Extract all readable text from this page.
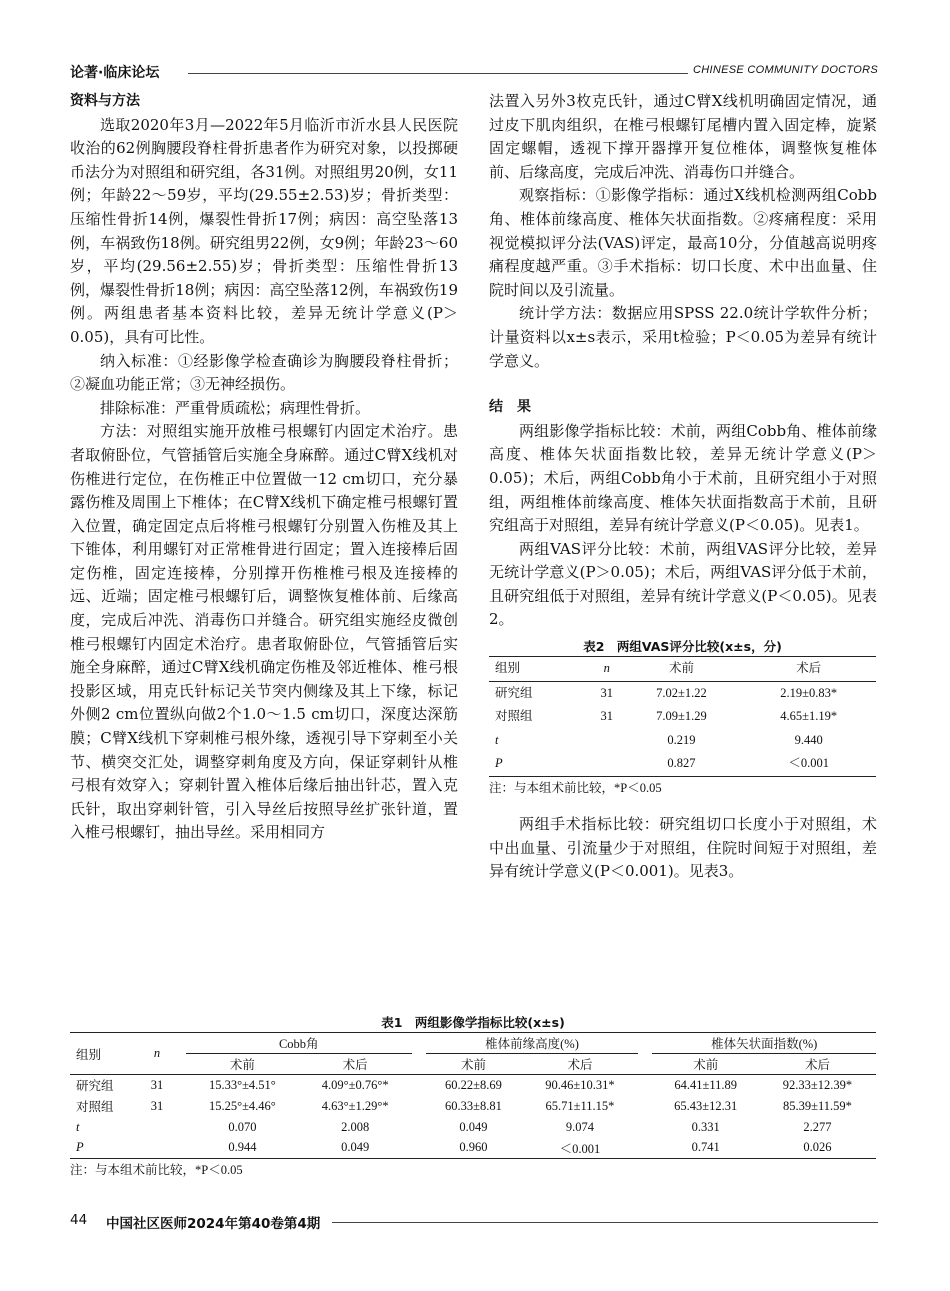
论著·临床论坛	CHINESE COMMUNITY DOCTORS
资料与方法

选取2020年3月—2022年5月临沂市沂水县人民医院收治的62例胸腰段脊柱骨折患者作为研究对象，以投掷硬币法分为对照组和研究组，各31例。对照组男20例，女11例；年龄22～59岁，平均(29.55±2.53)岁；骨折类型：压缩性骨折14例，爆裂性骨折17例；病因：高空坠落13例，车祸致伤18例。研究组男22例，女9例；年龄23～60岁，平均(29.56±2.55)岁；骨折类型：压缩性骨折13例，爆裂性骨折18例；病因：高空坠落12例，车祸致伤19例。两组患者基本资料比较，差异无统计学意义(P＞0.05)，具有可比性。

纳入标准：①经影像学检查确诊为胸腰段脊柱骨折；②凝血功能正常；③无神经损伤。

排除标准：严重骨质疏松；病理性骨折。

方法：对照组实施开放椎弓根螺钉内固定术治疗。患者取俯卧位，气管插管后实施全身麻醉。通过C臂X线机对伤椎进行定位，在伤椎正中位置做一12 cm切口，充分暴露伤椎及周围上下椎体；在C臂X线机下确定椎弓根螺钉置入位置，确定固定点后将椎弓根螺钉分别置入伤椎及其上下锥体，利用螺钉对正常椎骨进行固定；置入连接棒后固定伤椎，固定连接棒，分别撑开伤椎椎弓根及连接棒的远、近端；固定椎弓根螺钉后，调整恢复椎体前、后缘高度，完成后冲洗、消毒伤口并缝合。研究组实施经皮微创椎弓根螺钉内固定术治疗。患者取俯卧位，气管插管后实施全身麻醉，通过C臂X线机确定伤椎及邻近椎体、椎弓根投影区域，用克氏针标记关节突内侧缘及其上下缘，标记外侧2 cm位置纵向做2个1.0～1.5 cm切口，深度达深筋膜；C臂X线机下穿刺椎弓根外缘，透视引导下穿刺至小关节、横突交汇处，调整穿刺角度及方向，保证穿刺针从椎弓根有效穿入；穿刺针置入椎体后缘后抽出针芯，置入克氏针，取出穿刺针管，引入导丝后按照导丝扩张针道，置入椎弓根螺钉，抽出导丝。采用相同方

法置入另外3枚克氏针，通过C臂X线机明确固定情况，通过皮下肌肉组织，在椎弓根螺钉尾槽内置入固定棒，旋紧固定螺帽，透视下撑开器撑开复位椎体，调整恢复椎体前、后缘高度，完成后冲洗、消毒伤口并缝合。

观察指标：①影像学指标：通过X线机检测两组Cobb角、椎体前缘高度、椎体矢状面指数。②疼痛程度：采用视觉模拟评分法(VAS)评定，最高10分，分值越高说明疼痛程度越严重。③手术指标：切口长度、术中出血量、住院时间以及引流量。

统计学方法：数据应用SPSS 22.0统计学软件分析；计量资料以x±s表示，采用t检验；P＜0.05为差异有统计学意义。

结　果

两组影像学指标比较：术前，两组Cobb角、椎体前缘高度、椎体矢状面指数比较，差异无统计学意义(P＞0.05)；术后，两组Cobb角小于术前，且研究组小于对照组，两组椎体前缘高度、椎体矢状面指数高于术前，且研究组高于对照组，差异有统计学意义(P＜0.05)。见表1。

两组VAS评分比较：术前，两组VAS评分比较，差异无统计学意义(P＞0.05)；术后，两组VAS评分低于术前，且研究组低于对照组，差异有统计学意义(P＜0.05)。见表2。

表2　两组VAS评分比较(x±s，分)
组别	n	术前	术后
研究组	31	7.02±1.22	2.19±0.83*
对照组	31	7.09±1.29	4.65±1.19*
t		0.219	9.440
P		0.827	＜0.001
注：与本组术前比较，*P＜0.05

两组手术指标比较：研究组切口长度小于对照组，术中出血量、引流量少于对照组，住院时间短于对照组，差异有统计学意义(P＜0.001)。见表3。

表1　两组影像学指标比较(x±s)
组别	n		Cobb角			椎体前缘高度(%)			椎体矢状面指数(%)	
			术前	术后		术前	术后		术前	术后
研究组	31		15.33°±4.51°	4.09°±0.76°*		60.22±8.69	90.46±10.31*		64.41±11.89	92.33±12.39*
对照组	31		15.25°±4.46°	4.63°±1.29°*		60.33±8.81	65.71±11.15*		65.43±12.31	85.39±11.59*
t			0.070	2.008		0.049	9.074		0.331	2.277
P			0.944	0.049		0.960	＜0.001		0.741	0.026
注：与本组术前比较，*P＜0.05
44 中国社区医师2024年第40卷第4期
